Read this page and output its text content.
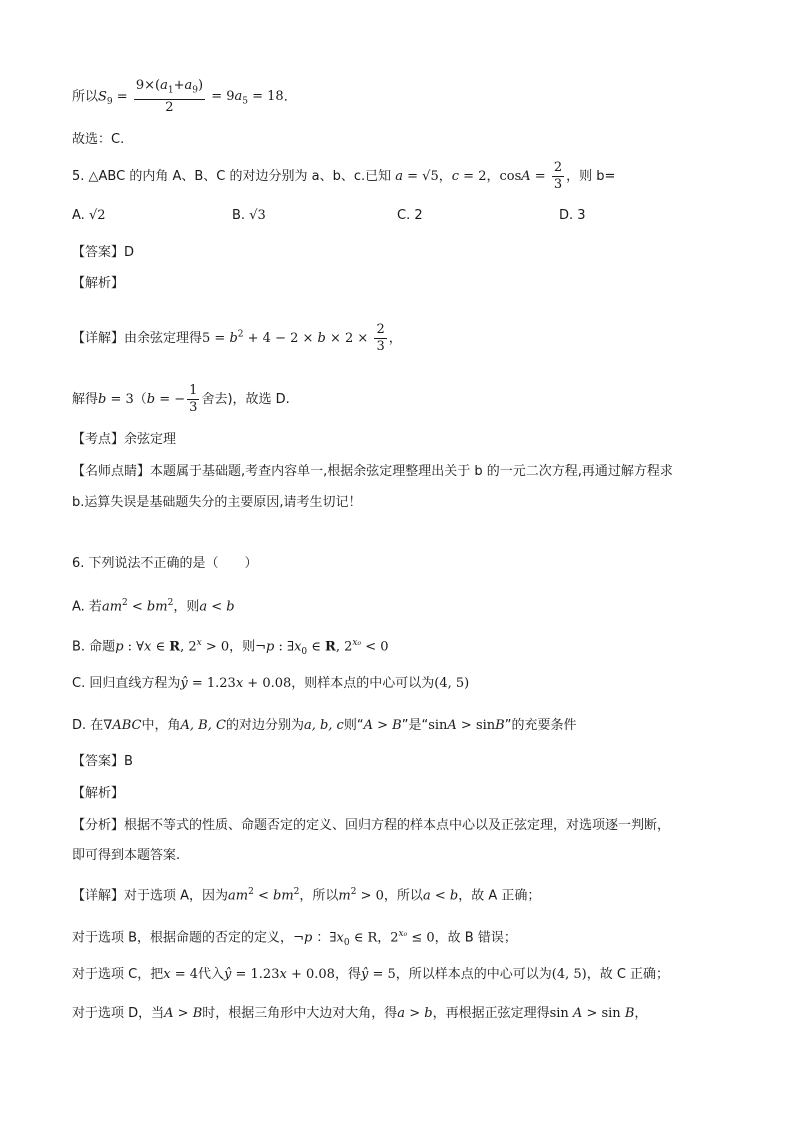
所以$S_9 = \frac{9\times(a_1+a_9)}{2} = 9a_5 = 18$．
故选：C.
5. △ABC 的内角 A、B、C 的对边分别为 a、b、c.已知 a = √5，c = 2，$\cos A = \frac{2}{3}$ ，则 b=
A. √2	B. √3	C. 2	D. 3
【答案】D
【解析】
【详解】由余弦定理得$5 = b^2 + 4 - 2 \times b \times 2 \times \frac{2}{3}$ ，
解得b = 3（b = − $\frac{1}{3}$ 舍去)，故选 D.
【考点】余弦定理
【名师点睛】本题属于基础题,考查内容单一,根据余弦定理整理出关于 b 的一元二次方程,再通过解方程求
b.运算失误是基础题失分的主要原因,请考生切记！
6. 下列说法不正确的是（　　）
A. 若$am^2 < bm^2$，则a < b
B. 命题p : ∀x ∈ R, $2^x > 0$，则¬p : $\exists x_0$ ∈ R, $2^{x_0} < 0$
C. 回归直线方程为ŷ = 1.23x + 0.08，则样本点的中心可以为(4, 5)
D. 在∇ABC中，角A, B, C的对边分别为a, b, c则“A > B”是“sinA > sinB”的充要条件
【答案】B
【解析】
【分析】根据不等式的性质、命题否定的定义、回归方程的样本点中心以及正弦定理，对选项逐一判断，
即可得到本题答案.
【详解】对于选项 A，因为$am^2 < bm^2$，所以$m^2 > 0$，所以a < b，故 A 正确；
对于选项 B，根据命题的否定的定义，¬p ：$\exists x_0$ ∈ R，$2^{x_0} \le 0$，故 B 错误；
对于选项 C，把x = 4代入ŷ = 1.23x + 0.08，得ŷ = 5，所以样本点的中心可以为(4, 5)，故 C 正确；
对于选项 D，当A > B时，根据三角形中大边对大角，得a > b，再根据正弦定理得sin A > sin B，
